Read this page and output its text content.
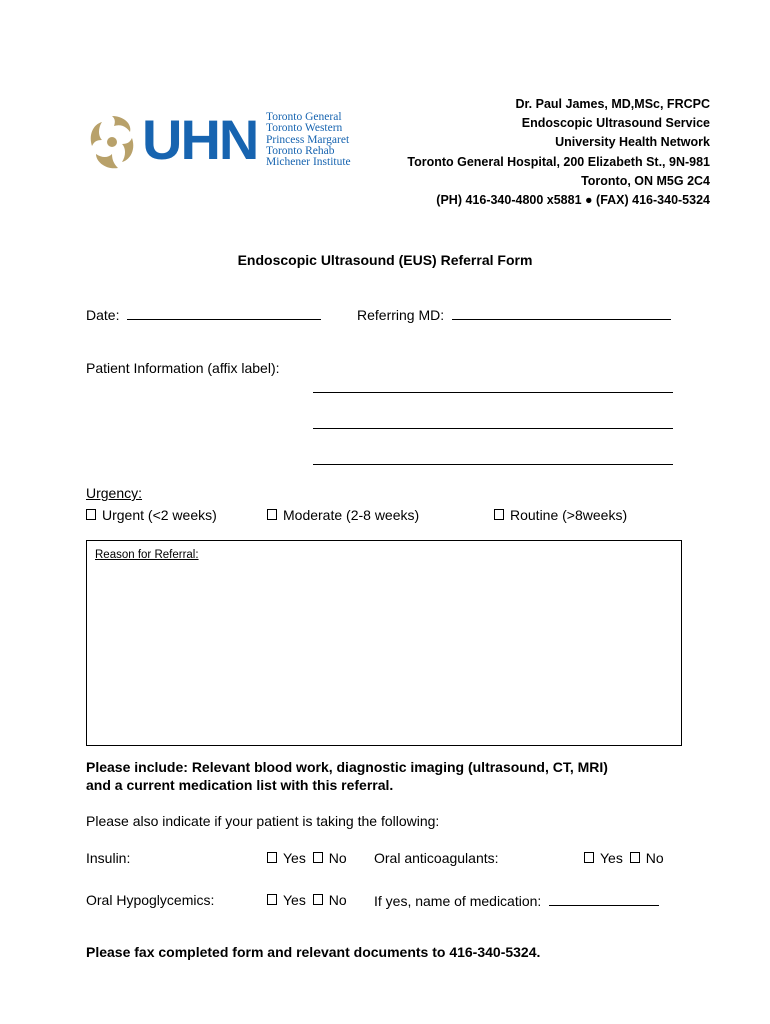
UHN Toronto General
Toronto Western
Princess Margaret
Toronto Rehab
Michener Institute
Dr. Paul James, MD,MSc, FRCPC
Endoscopic Ultrasound Service
University Health Network
Toronto General Hospital, 200 Elizabeth St., 9N-981
Toronto, ON M5G 2C4
(PH) 416-340-4800 x5881 ● (FAX) 416-340-5324
Endoscopic Ultrasound (EUS) Referral Form
Date:	Referring MD:
Patient Information (affix label):
Urgency:
Urgent (<2 weeks)	Moderate (2-8 weeks)	Routine (>8weeks)
Reason for Referral:
Please include: Relevant blood work, diagnostic imaging (ultrasound, CT, MRI)
and a current medication list with this referral.
Please also indicate if your patient is taking the following:
Insulin:	Yes No Oral anticoagulants:	Yes No
Oral Hypoglycemics:	Yes No If yes, name of medication:
Please fax completed form and relevant documents to 416-340-5324.
